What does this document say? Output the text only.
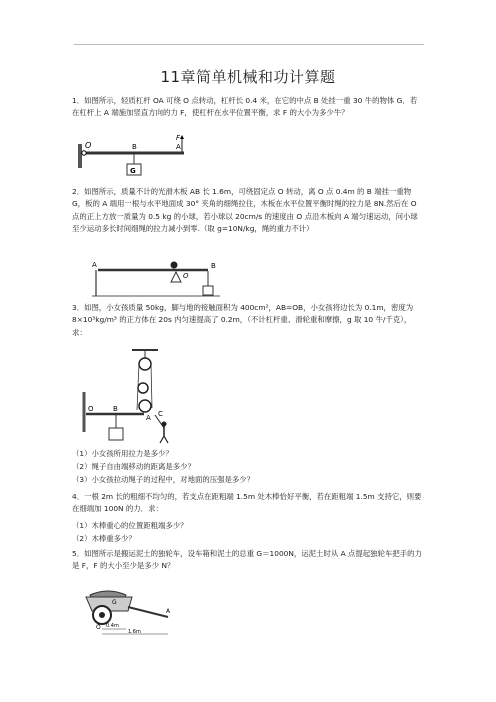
11章简单机械和功计算题
1．如图所示，轻质杠杆 OA 可绕 O 点转动，杠杆长 0.4 米，在它的中点 B 处挂一重 30 牛的物体 G．若在杠杆上 A 端施加竖直方向的力 F，使杠杆在水平位置平衡，求 F 的大小为多少牛？
O	B
G
A
F
2．如图所示，质量不计的光滑木板 AB 长 1.6m，可绕固定点 O 转动，离 O 点 0.4m 的 B 端挂一重物 G，板的 A 端用一根与水平地面成 30° 夹角的细绳拉住，木板在水平位置平衡时绳的拉力是 8N.然后在 O 点的正上方放一质量为 0.5 kg 的小球，若小球以 20cm/s 的速度由 O 点沿木板向 A 端匀速运动，问小球至少运动多长时间细绳的拉力减小到零.（取 g=10N/kg，绳的重力不计）
A
O
B
3．如图，小女孩质量 50kg，脚与地的接触面积为 400cm²，AB=OB，小女孩将边长为 0.1m，密度为 8×10³kg/m³ 的正方体在 20s 内匀速提高了 0.2m，（不计杠杆重、滑轮重和摩擦，g 取 10 牛/千克），求：
O	B
A C
（1）小女孩所用拉力是多少？
（2）绳子自由端移动的距离是多少？
（3）小女孩拉动绳子的过程中，对地面的压强是多少？
4．一根 2m 长的粗细不均匀的，若支点在距粗端 1.5m 处木棒恰好平衡，若在距粗端 1.5m 支持它，则要在细端加 100N 的力．求：
（1）木棒重心的位置距粗端多少？
（2）木棒重多少？
5．如图所示是搬运泥土的独轮车，设车箱和泥土的总重 G＝1000N，运泥土时从 A 点提起独轮车把手的力是 F，F 的大小至少是多少 N？
O
G
A
0.4m
1.6m
